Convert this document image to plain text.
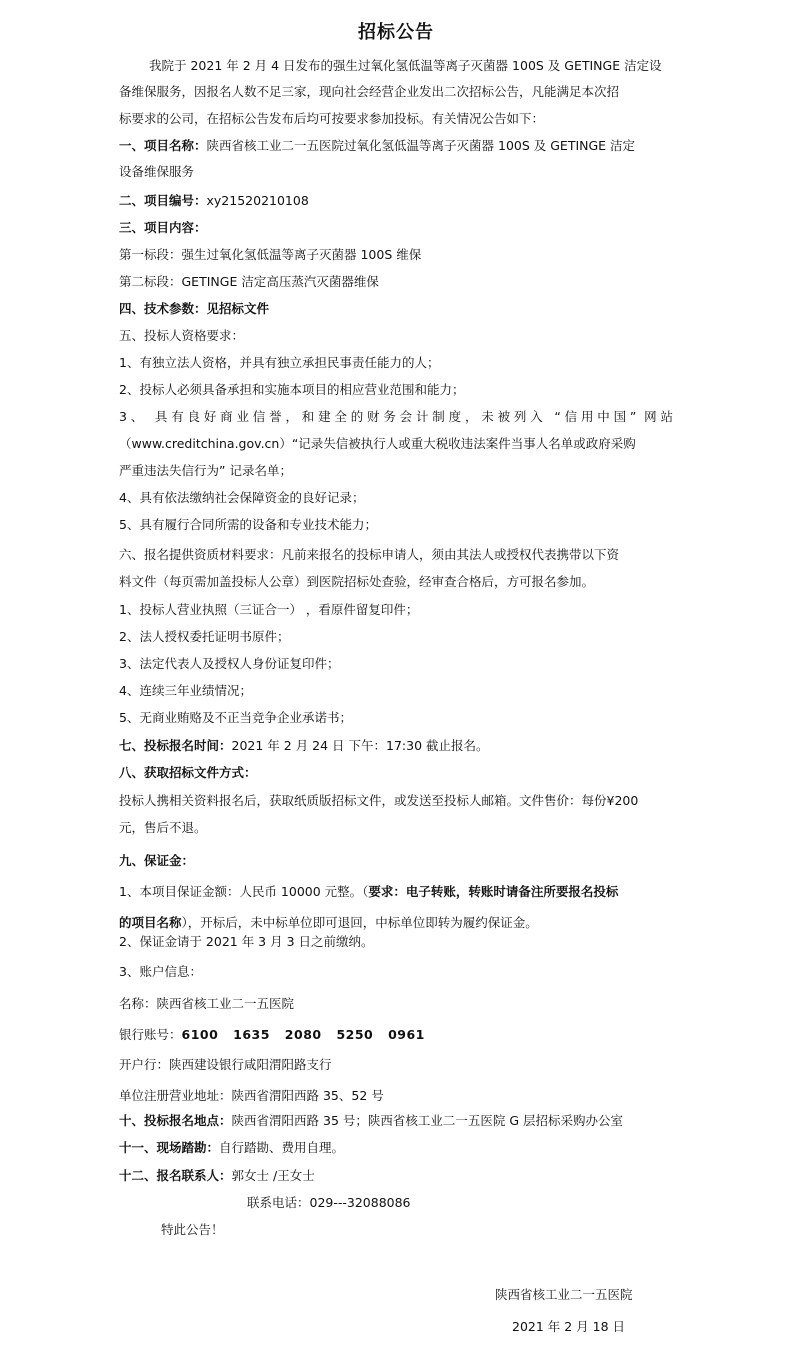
招标公告
我院于 2021 年 2 月 4 日发布的强生过氧化氢低温等离子灭菌器 100S 及 GETINGE 洁定设
备维保服务，因报名人数不足三家，现向社会经营企业发出二次招标公告，凡能满足本次招
标要求的公司，在招标公告发布后均可按要求参加投标。有关情况公告如下：
一、项目名称：陕西省核工业二一五医院过氧化氢低温等离子灭菌器 100S 及 GETINGE 洁定
设备维保服务
二、项目编号：xy21520210108
三、项目内容：
第一标段：强生过氧化氢低温等离子灭菌器 100S 维保
第二标段：GETINGE 洁定高压蒸汽灭菌器维保
四、技术参数：见招标文件
五、投标人资格要求：
1、有独立法人资格，并具有独立承担民事责任能力的人；
2、投标人必须具备承担和实施本项目的相应营业范围和能力；
3、 具有良好商业信誉，和建全的财务会计制度，未被列入 “信用中国” 网站
（www.creditchina.gov.cn）“记录失信被执行人或重大税收违法案件当事人名单或政府采购
严重违法失信行为” 记录名单；
4、具有依法缴纳社会保障资金的良好记录；
5、具有履行合同所需的设备和专业技术能力；
六、报名提供资质材料要求：凡前来报名的投标申请人，须由其法人或授权代表携带以下资
料文件（每页需加盖投标人公章）到医院招标处查验，经审查合格后，方可报名参加。
1、投标人营业执照（三证合一） ，看原件留复印件；
2、法人授权委托证明书原件；
3、法定代表人及授权人身份证复印件；
4、连续三年业绩情况；
5、无商业贿赂及不正当竞争企业承诺书；
七、投标报名时间：2021 年 2 月 24 日 下午：17:30 截止报名。
八、获取招标文件方式：
投标人携相关资料报名后，获取纸质版招标文件，或发送至投标人邮箱。文件售价：每份¥200
元，售后不退。
九、保证金：
1、本项目保证金额：人民币 10000 元整。（要求：电子转账，转账时请备注所要报名投标
的项目名称），开标后，未中标单位即可退回，中标单位即转为履约保证金。
2、保证金请于 2021 年 3 月 3 日之前缴纳。
3、账户信息：
名称：陕西省核工业二一五医院
银行账号：6100 1635 2080 5250 0961
开户行：陕西建设银行咸阳渭阳路支行
单位注册营业地址：陕西省渭阳西路 35、52 号
十、投标报名地点：陕西省渭阳西路 35 号；陕西省核工业二一五医院 G 层招标采购办公室
十一、现场踏勘：自行踏勘、费用自理。
十二、报名联系人：郭女士 /王女士
联系电话：029---32088086
特此公告！
陕西省核工业二一五医院
2021 年 2 月 18 日
